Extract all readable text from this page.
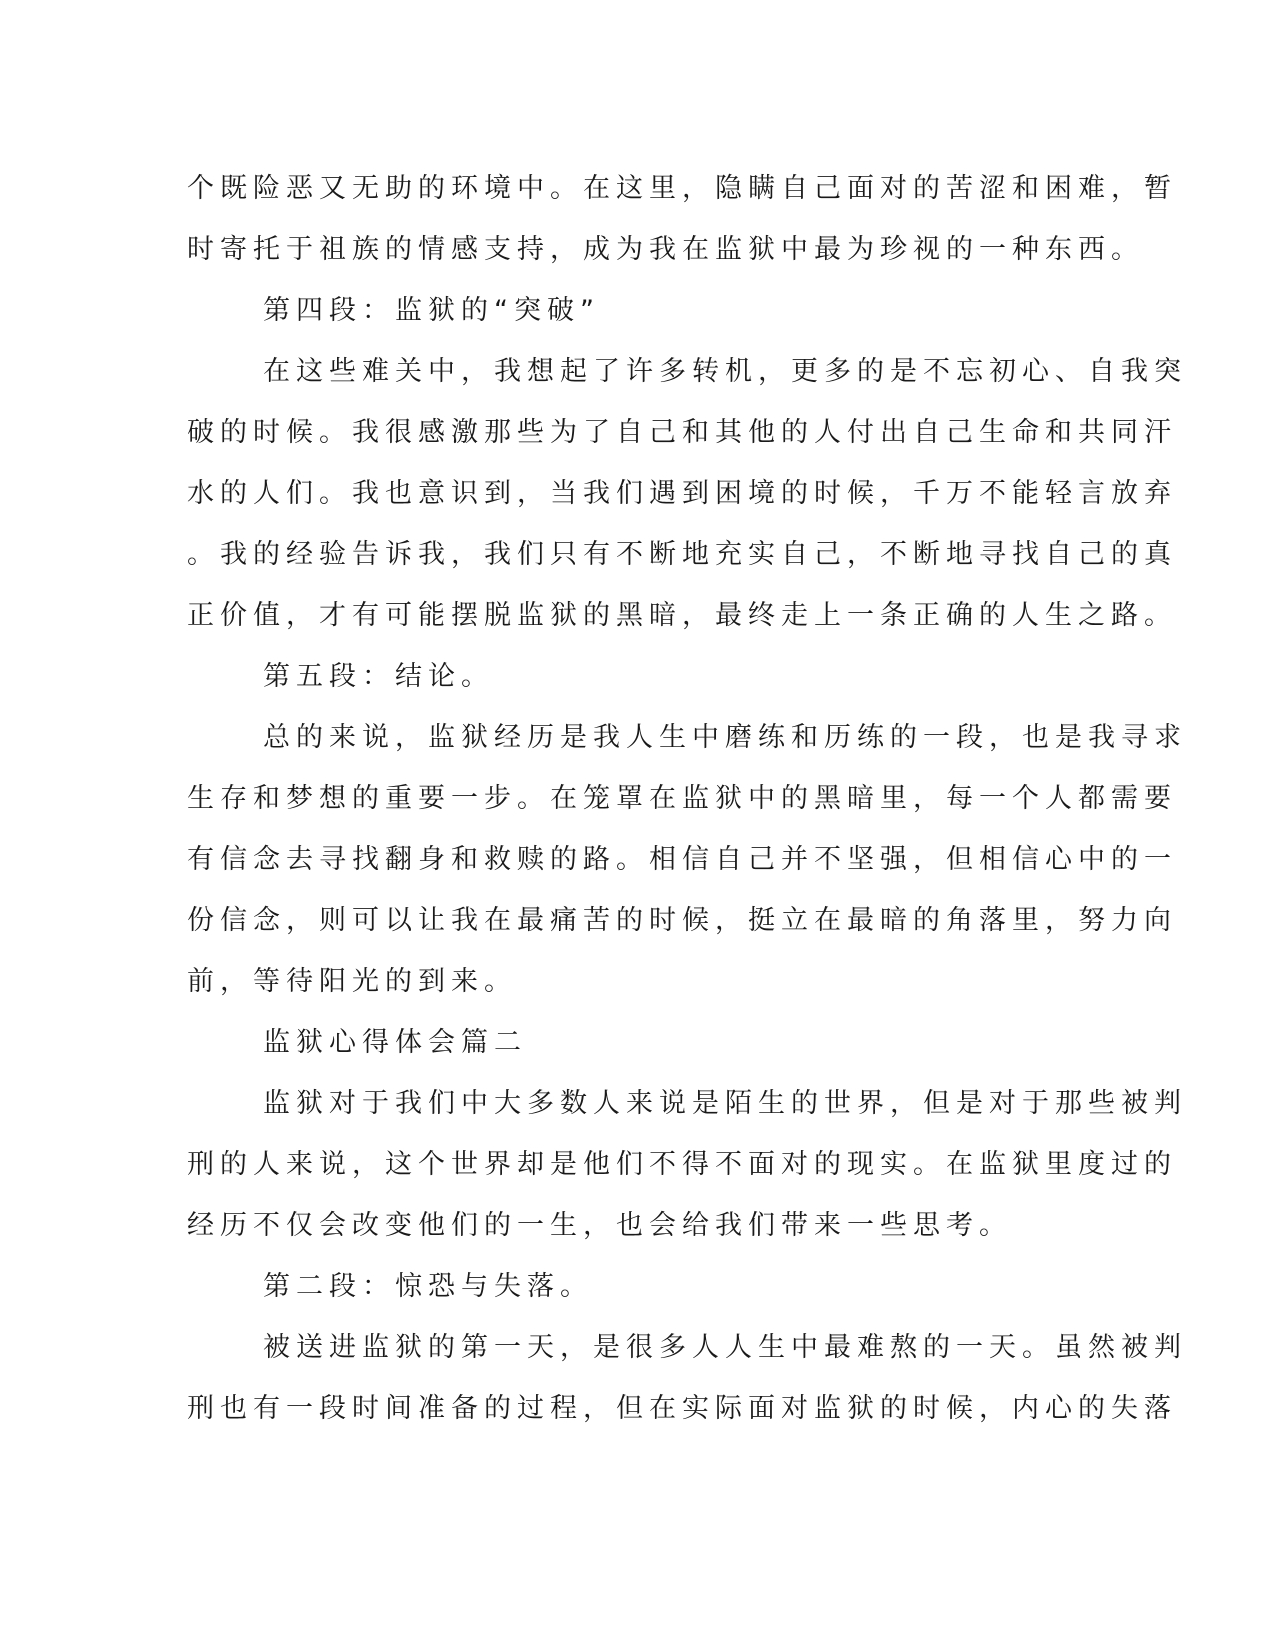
个既险恶又无助的环境中。在这里，隐瞒自己面对的苦涩和困难，暂
时寄托于祖族的情感支持，成为我在监狱中最为珍视的一种东西。
第四段：监狱的“突破”
在这些难关中，我想起了许多转机，更多的是不忘初心、自我突
破的时候。我很感激那些为了自己和其他的人付出自己生命和共同汗
水的人们。我也意识到，当我们遇到困境的时候，千万不能轻言放弃
。我的经验告诉我，我们只有不断地充实自己，不断地寻找自己的真
正价值，才有可能摆脱监狱的黑暗，最终走上一条正确的人生之路。
第五段：结论。
总的来说，监狱经历是我人生中磨练和历练的一段，也是我寻求
生存和梦想的重要一步。在笼罩在监狱中的黑暗里，每一个人都需要
有信念去寻找翻身和救赎的路。相信自己并不坚强，但相信心中的一
份信念，则可以让我在最痛苦的时候，挺立在最暗的角落里，努力向
前，等待阳光的到来。
监狱心得体会篇二
监狱对于我们中大多数人来说是陌生的世界，但是对于那些被判
刑的人来说，这个世界却是他们不得不面对的现实。在监狱里度过的
经历不仅会改变他们的一生，也会给我们带来一些思考。
第二段：惊恐与失落。
被送进监狱的第一天，是很多人人生中最难熬的一天。虽然被判
刑也有一段时间准备的过程，但在实际面对监狱的时候，内心的失落
